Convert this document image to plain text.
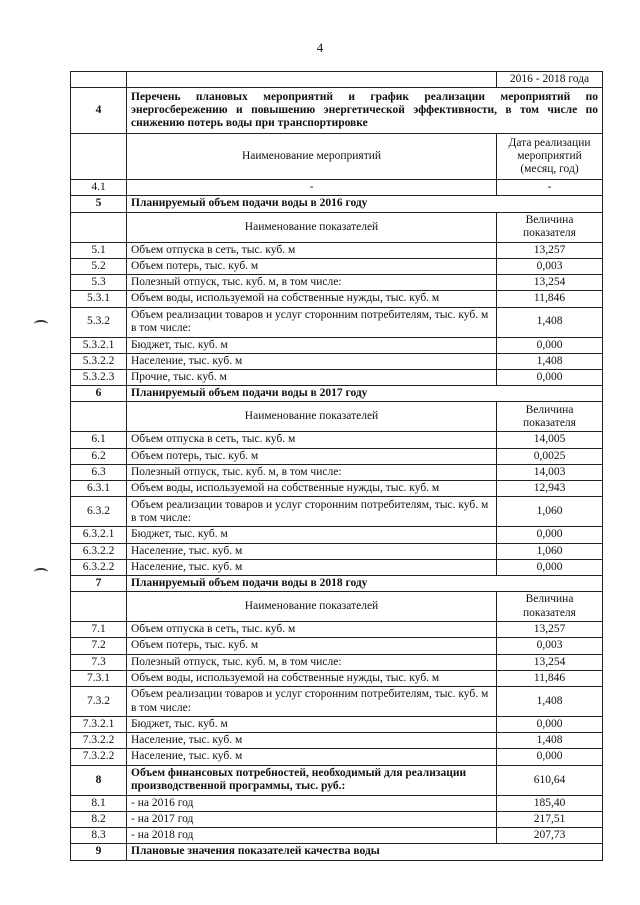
4
		2016 - 2018 года
4	Перечень плановых мероприятий и график реализации мероприятий по энергосбережению и повышению энергетической эффективности, в том числе по снижению потерь воды при транспортировке	
	Наименование мероприятий	Дата реализации мероприятий (месяц, год)
4.1	-	-
5	Планируемый объем подачи воды в 2016 году	
	Наименование показателей	Величина показателя
5.1	Объем отпуска в сеть, тыс. куб. м	13,257
5.2	Объем потерь, тыс. куб. м	0,003
5.3	Полезный отпуск, тыс. куб. м, в том числе:	13,254
5.3.1	Объем воды, используемой на собственные нужды, тыс. куб. м	11,846
5.3.2	Объем реализации товаров и услуг сторонним потребителям, тыс. куб. м в том числе:	1,408
5.3.2.1	Бюджет, тыс. куб. м	0,000
5.3.2.2	Население, тыс. куб. м	1,408
5.3.2.3	Прочие, тыс. куб. м	0,000
6	Планируемый объем подачи воды в 2017 году	
	Наименование показателей	Величина показателя
6.1	Объем отпуска в сеть, тыс. куб. м	14,005
6.2	Объем потерь, тыс. куб. м	0,0025
6.3	Полезный отпуск, тыс. куб. м, в том числе:	14,003
6.3.1	Объем воды, используемой на собственные нужды, тыс. куб. м	12,943
6.3.2	Объем реализации товаров и услуг сторонним потребителям, тыс. куб. м в том числе:	1,060
6.3.2.1	Бюджет, тыс. куб. м	0,000
6.3.2.2	Население, тыс. куб. м	1,060
6.3.2.2	Население, тыс. куб. м	0,000
7	Планируемый объем подачи воды в 2018 году	
	Наименование показателей	Величина показателя
7.1	Объем отпуска в сеть, тыс. куб. м	13,257
7.2	Объем потерь, тыс. куб. м	0,003
7.3	Полезный отпуск, тыс. куб. м, в том числе:	13,254
7.3.1	Объем воды, используемой на собственные нужды, тыс. куб. м	11,846
7.3.2	Объем реализации товаров и услуг сторонним потребителям, тыс. куб. м в том числе:	1,408
7.3.2.1	Бюджет, тыс. куб. м	0,000
7.3.2.2	Население, тыс. куб. м	1,408
7.3.2.2	Население, тыс. куб. м	0,000
8	Объем финансовых потребностей, необходимый для реализации производственной программы, тыс. руб.:	610,64
8.1	- на 2016 год	185,40
8.2	- на 2017 год	217,51
8.3	- на 2018 год	207,73
9	Плановые значения показателей качества воды	
